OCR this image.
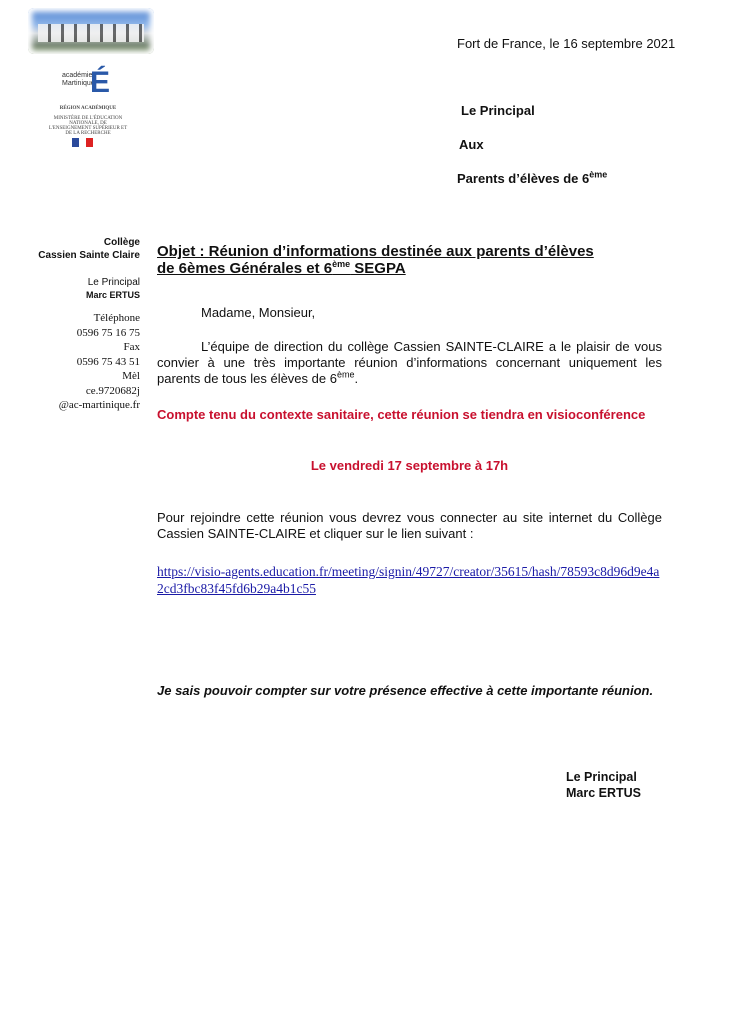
académie Martinique
É
RÉGION ACADÉMIQUE
MINISTÈRE DE L'ÉDUCATION NATIONALE, DE L'ENSEIGNEMENT SUPÉRIEUR ET DE LA RECHERCHE
Fort de France, le 16 septembre 2021
Le Principal
Aux
Parents d’élèves de 6ème
Collège
Cassien Sainte Claire
Le Principal
Marc ERTUS
Téléphone
0596 75 16 75
Fax
0596 75 43 51
Mèl
ce.9720682j
@ac-martinique.fr
Objet : Réunion d’informations destinée aux parents d’élèves
de 6èmes Générales et 6ème SEGPA
Madame, Monsieur,
L’équipe de direction du collège Cassien SAINTE-CLAIRE a le plaisir de vous convier à une très importante réunion d’informations concernant uniquement les parents de tous les élèves de 6ème.
Compte tenu du contexte sanitaire, cette réunion se tiendra en visioconférence
Le vendredi 17 septembre à 17h
Pour rejoindre cette réunion vous devrez vous connecter au site internet du Collège Cassien SAINTE-CLAIRE et cliquer sur le lien suivant :
https://visio-agents.education.fr/meeting/signin/49727/creator/35615/hash/78593c8d96d9e4a2cd3fbc83f45fd6b29a4b1c55
Je sais pouvoir compter sur votre présence effective à cette importante réunion.
Le Principal
Marc ERTUS
